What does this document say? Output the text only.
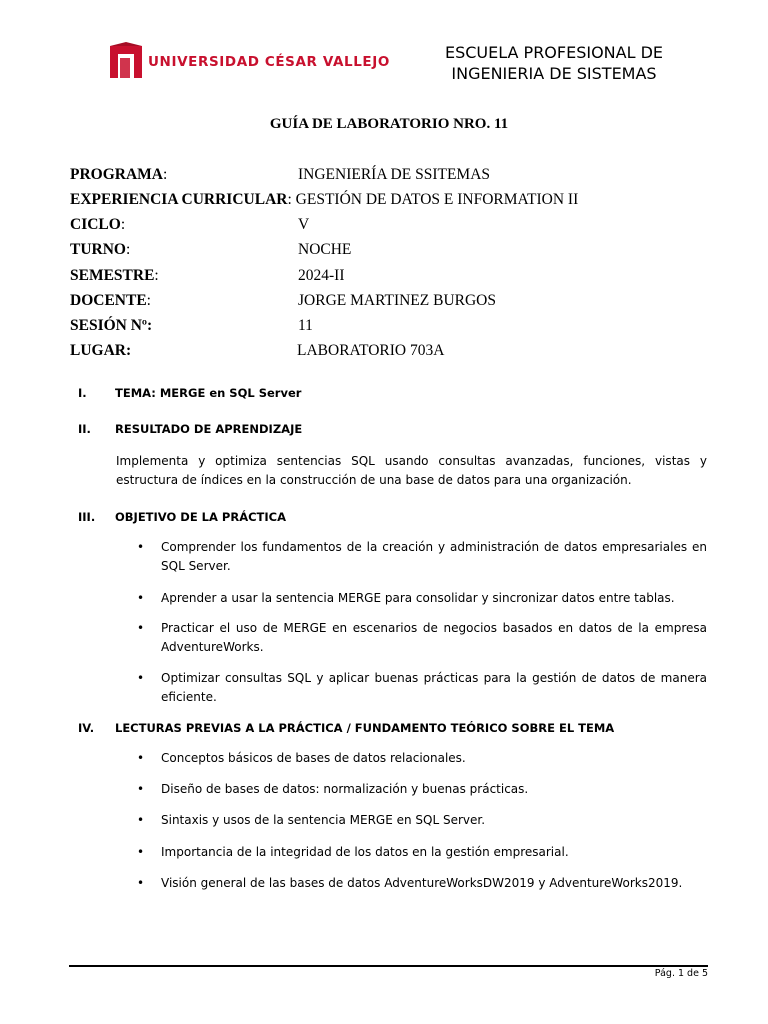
UNIVERSIDAD CÉSAR VALLEJO	ESCUELA PROFESIONAL DE
INGENIERIA DE SISTEMAS
GUÍA DE LABORATORIO NRO. 11
PROGRAMA:	INGENIERÍA DE SSITEMAS
EXPERIENCIA CURRICULAR: GESTIÓN DE DATOS E INFORMATION II
CICLO:	V
TURNO:	NOCHE
SEMESTRE:	2024-II
DOCENTE:	JORGE MARTINEZ BURGOS
SESIÓN Nº:	11
LUGAR:	LABORATORIO 703A
I. TEMA: MERGE en SQL Server
II. RESULTADO DE APRENDIZAJE
Implementa y optimiza sentencias SQL usando consultas avanzadas, funciones, vistas y estructura de índices en la construcción de una base de datos para una organización.
III. OBJETIVO DE LA PRÁCTICA
• Comprender los fundamentos de la creación y administración de datos empresariales en SQL Server.
• Aprender a usar la sentencia MERGE para consolidar y sincronizar datos entre tablas.
• Practicar el uso de MERGE en escenarios de negocios basados en datos de la empresa AdventureWorks.
• Optimizar consultas SQL y aplicar buenas prácticas para la gestión de datos de manera eficiente.
IV. LECTURAS PREVIAS A LA PRÁCTICA / FUNDAMENTO TEÓRICO SOBRE EL TEMA
• Conceptos básicos de bases de datos relacionales.
• Diseño de bases de datos: normalización y buenas prácticas.
• Sintaxis y usos de la sentencia MERGE en SQL Server.
• Importancia de la integridad de los datos en la gestión empresarial.
• Visión general de las bases de datos AdventureWorksDW2019 y AdventureWorks2019.
Pág. 1 de 5
